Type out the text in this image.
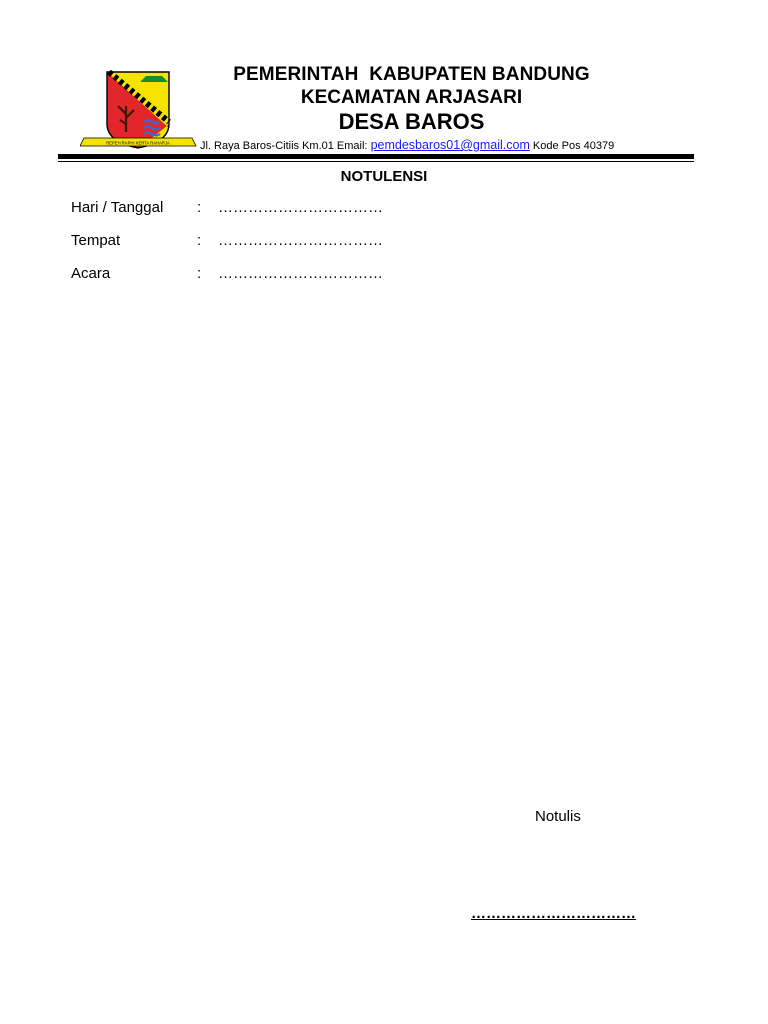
REPEH RAPIH KERTA RAHARJA
PEMERINTAH  KABUPATEN BANDUNG
KECAMATAN ARJASARI
DESA BAROS
Jl. Raya Baros-Citiis Km.01 Email: pemdesbaros01@gmail.com Kode Pos 40379
NOTULENSI
Hari / Tanggal : ……………………………
Tempat	: ……………………………
Acara	: ……………………………
Notulis
……………………………
